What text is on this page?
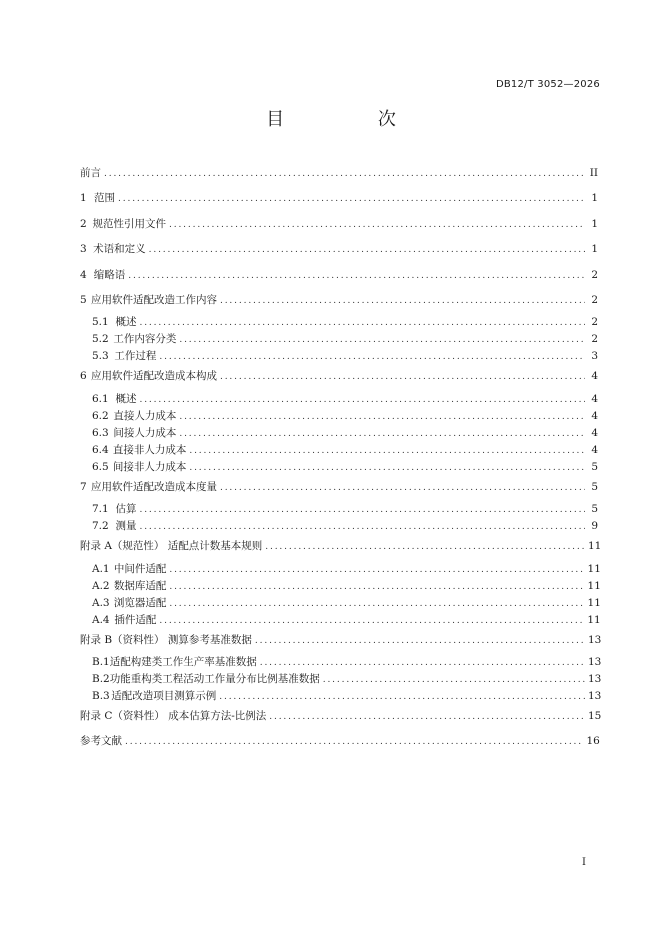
DB12/T 3052—2026
目 次
前言 . . .	II
1 范围 . . .	1
2 规范性引用文件 . . .	1
3 术语和定义 . . .	1
4 缩略语 . . .	2
5 应用软件适配改造工作内容 . . .	2
5.1 概述 . . .	2
5.2 工作内容分类 . . .	2
5.3 工作过程 . . .	3
6 应用软件适配改造成本构成 . . .	4
6.1 概述 . . .	4
6.2 直接人力成本 . . .	4
6.3 间接人力成本 . . .	4
6.4 直接非人力成本 . . .	4
6.5 间接非人力成本 . . .	5
7 应用软件适配改造成本度量 . . .	5
7.1 估算 . . .	5
7.2 测量 . . .	9
附录 A（规范性） 适配点计数基本规则 . . .	11
A.1 中间件适配 . . .	11
A.2 数据库适配 . . .	11
A.3 浏览器适配 . . .	11
A.4 插件适配 . . .	11
附录 B（资料性） 测算参考基准数据 . . .	13
B.1 适配构建类工作生产率基准数据 . . .	13
B.2 功能重构类工程活动工作量分布比例基准数据 . . .	13
B.3 适配改造项目测算示例 . . .	13
附录 C（资料性） 成本估算方法-比例法 . . .	15
参考文献 . . .	16
I
